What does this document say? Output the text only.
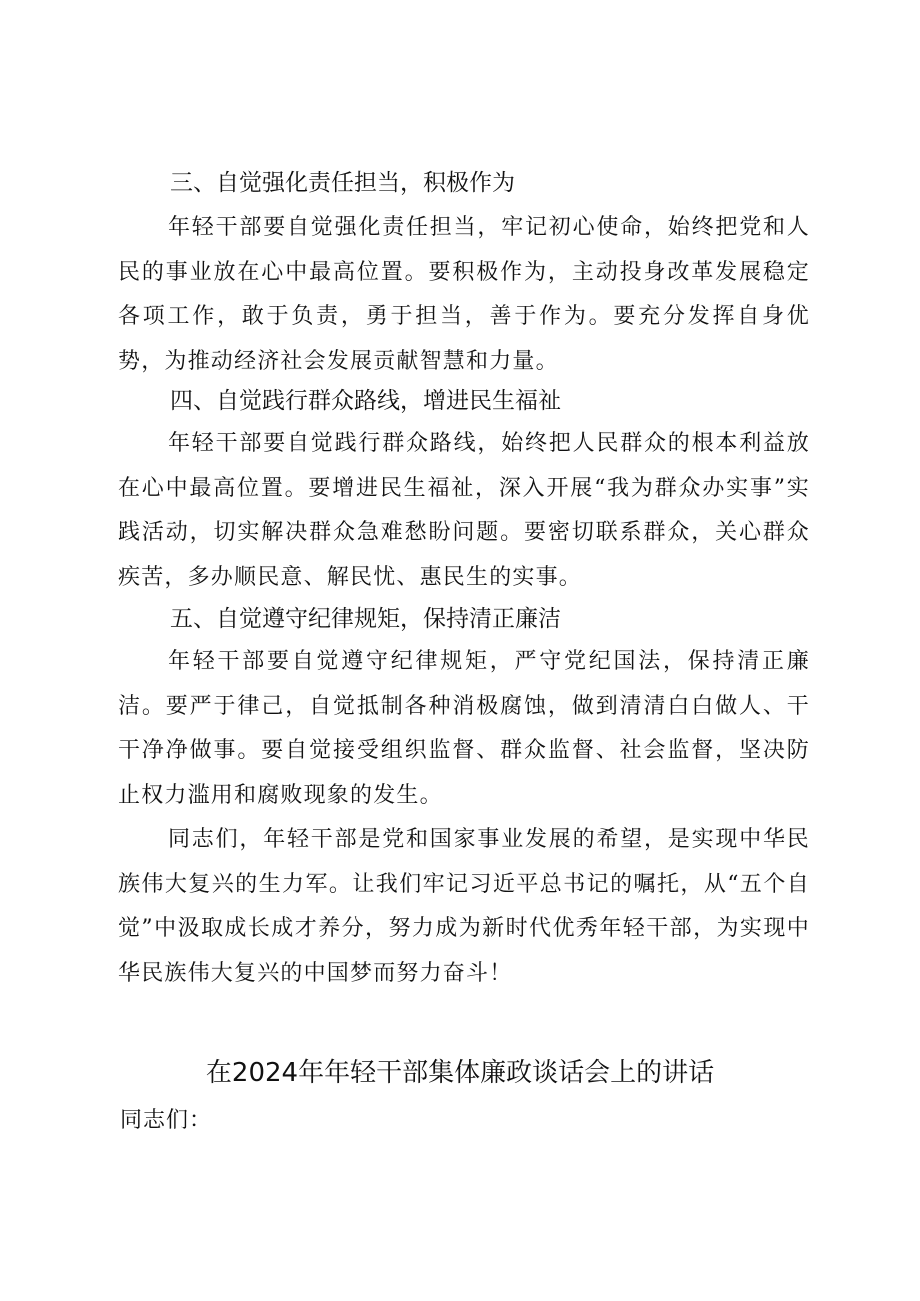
三、自觉强化责任担当，积极作为

年轻干部要自觉强化责任担当，牢记初心使命，始终把党和人民的事业放在心中最高位置。要积极作为，主动投身改革发展稳定各项工作，敢于负责，勇于担当，善于作为。要充分发挥自身优势，为推动经济社会发展贡献智慧和力量。

四、自觉践行群众路线，增进民生福祉

年轻干部要自觉践行群众路线，始终把人民群众的根本利益放在心中最高位置。要增进民生福祉，深入开展“我为群众办实事”实践活动，切实解决群众急难愁盼问题。要密切联系群众，关心群众疾苦，多办顺民意、解民忧、惠民生的实事。

五、自觉遵守纪律规矩，保持清正廉洁

年轻干部要自觉遵守纪律规矩，严守党纪国法，保持清正廉洁。要严于律己，自觉抵制各种消极腐蚀，做到清清白白做人、干干净净做事。要自觉接受组织监督、群众监督、社会监督，坚决防止权力滥用和腐败现象的发生。

同志们，年轻干部是党和国家事业发展的希望，是实现中华民族伟大复兴的生力军。让我们牢记习近平总书记的嘱托，从“五个自觉”中汲取成长成才养分，努力成为新时代优秀年轻干部，为实现中华民族伟大复兴的中国梦而努力奋斗！

在2024年年轻干部集体廉政谈话会上的讲话
同志们：
